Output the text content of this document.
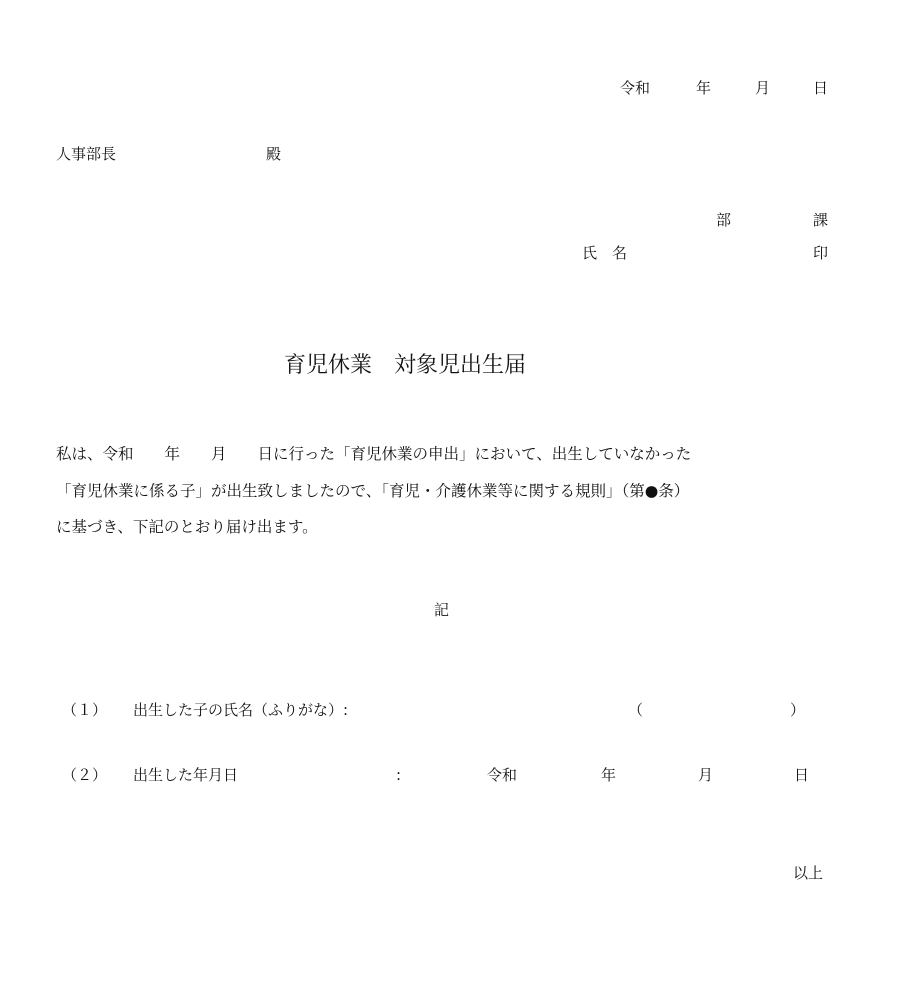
令和	年	月	日
人事部長	殿
部	課
氏　名	印
育児休業　対象児出生届
私は、令和　　年　　月　　日に行った「育児休業の申出」において、出生していなかった
「育児休業に係る子」が出生致しましたので、「育児・介護休業等に関する規則」（第●条）
に基づき、下記のとおり届け出ます。
記
（１） 出生した子の氏名（ふりがな）:	（	）
（２） 出生した年月日	:	令和	年	月	日
以上
